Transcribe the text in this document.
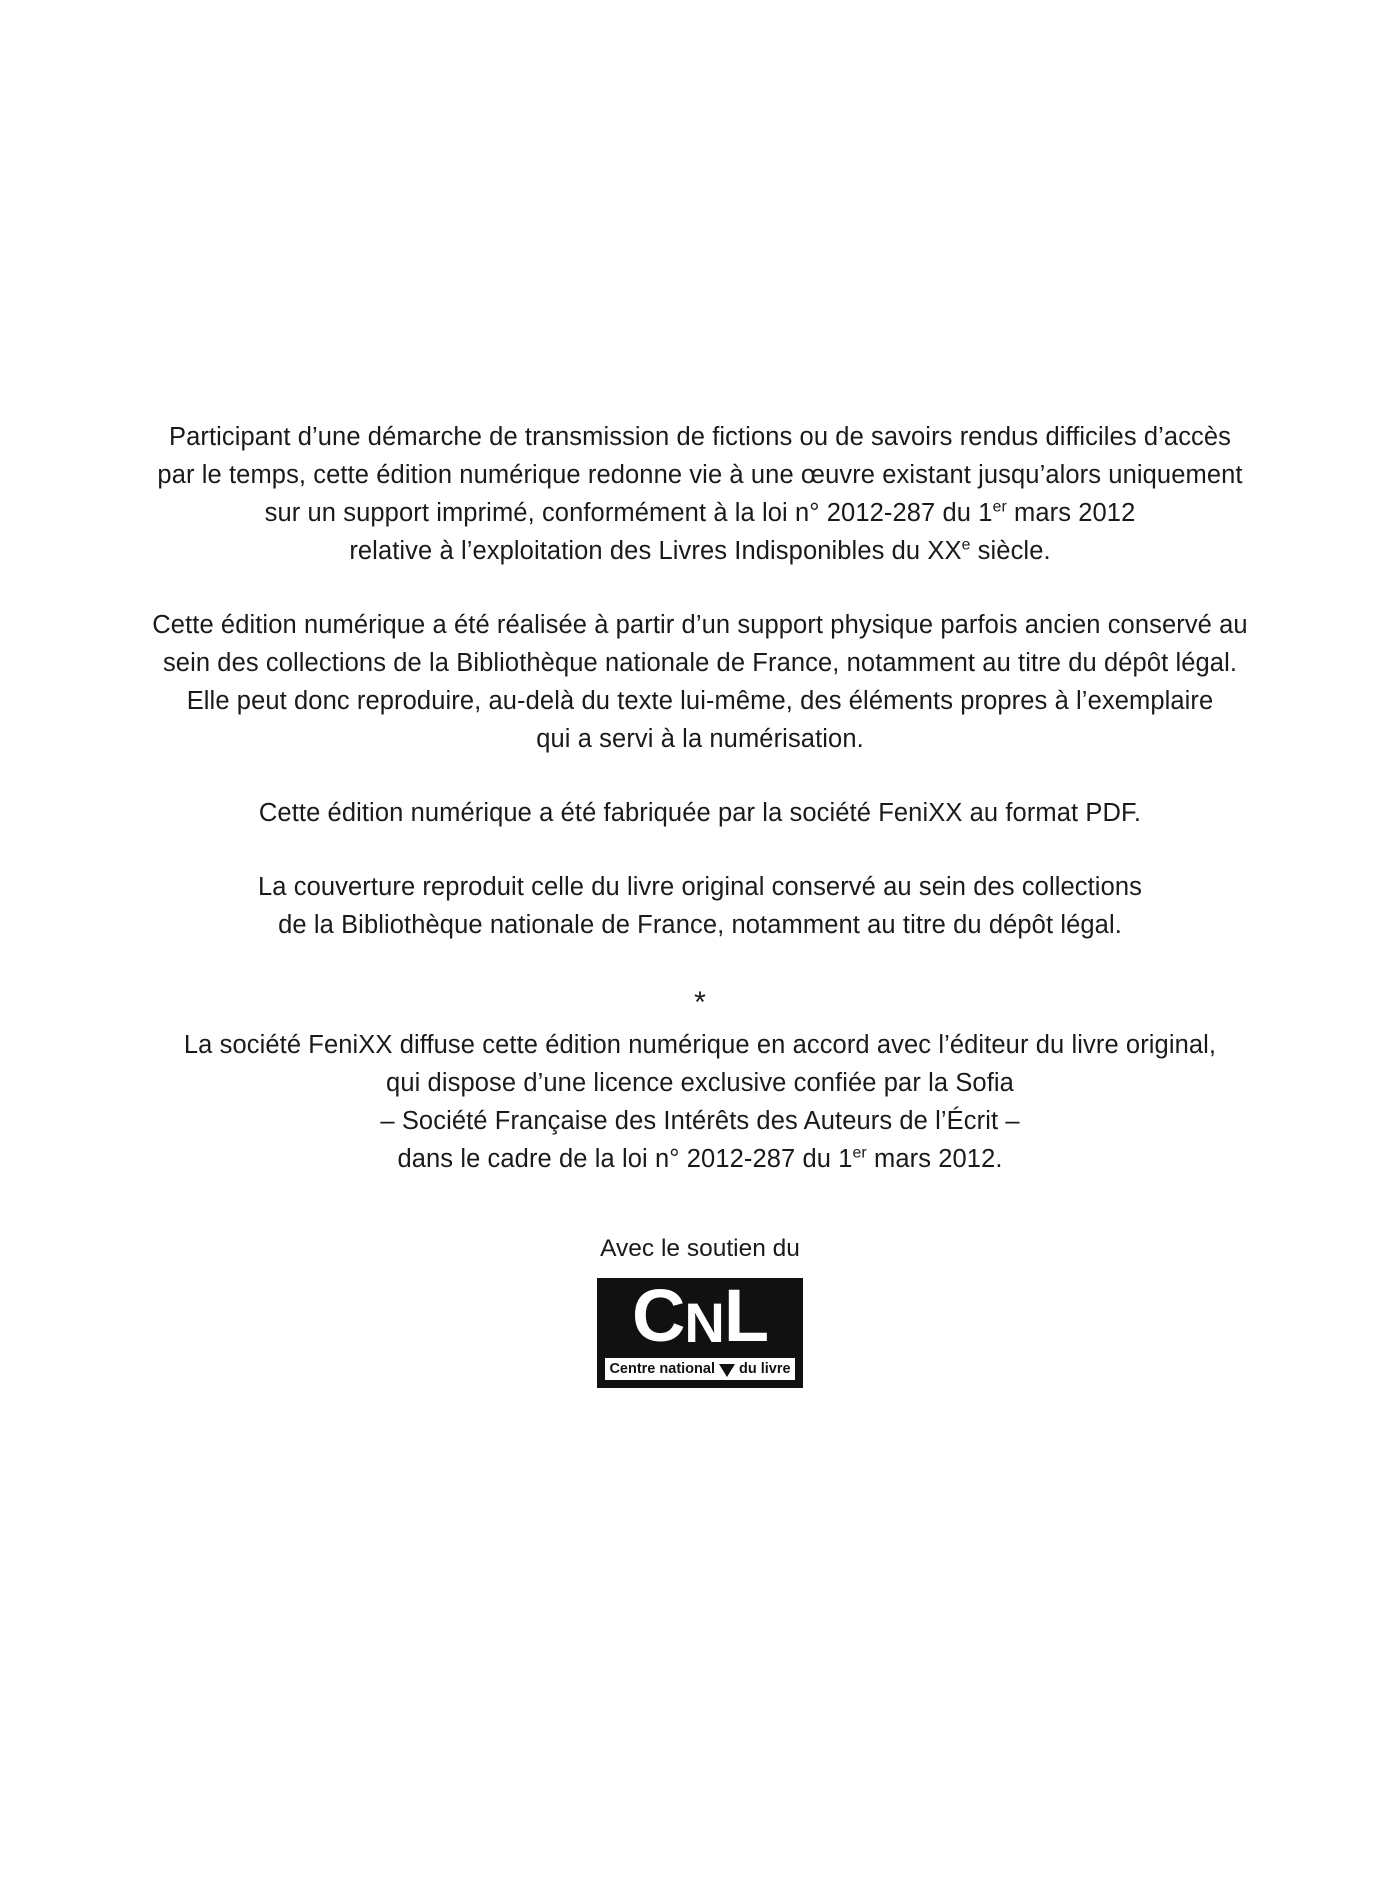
Participant d’une démarche de transmission de fictions ou de savoirs rendus difficiles d’accès
par le temps, cette édition numérique redonne vie à une œuvre existant jusqu’alors uniquement
sur un support imprimé, conformément à la loi n° 2012-287 du 1er mars 2012
relative à l’exploitation des Livres Indisponibles du XXe siècle.
Cette édition numérique a été réalisée à partir d’un support physique parfois ancien conservé au
sein des collections de la Bibliothèque nationale de France, notamment au titre du dépôt légal.
Elle peut donc reproduire, au-delà du texte lui-même, des éléments propres à l’exemplaire
qui a servi à la numérisation.
Cette édition numérique a été fabriquée par la société FeniXX au format PDF.
La couverture reproduit celle du livre original conservé au sein des collections
de la Bibliothèque nationale de France, notamment au titre du dépôt légal.
*
La société FeniXX diffuse cette édition numérique en accord avec l’éditeur du livre original,
qui dispose d’une licence exclusive confiée par la Sofia
– Société Française des Intérêts des Auteurs de l’Écrit –
dans le cadre de la loi n° 2012-287 du 1er mars 2012.
Avec le soutien du
CNL
Centre national du livre
